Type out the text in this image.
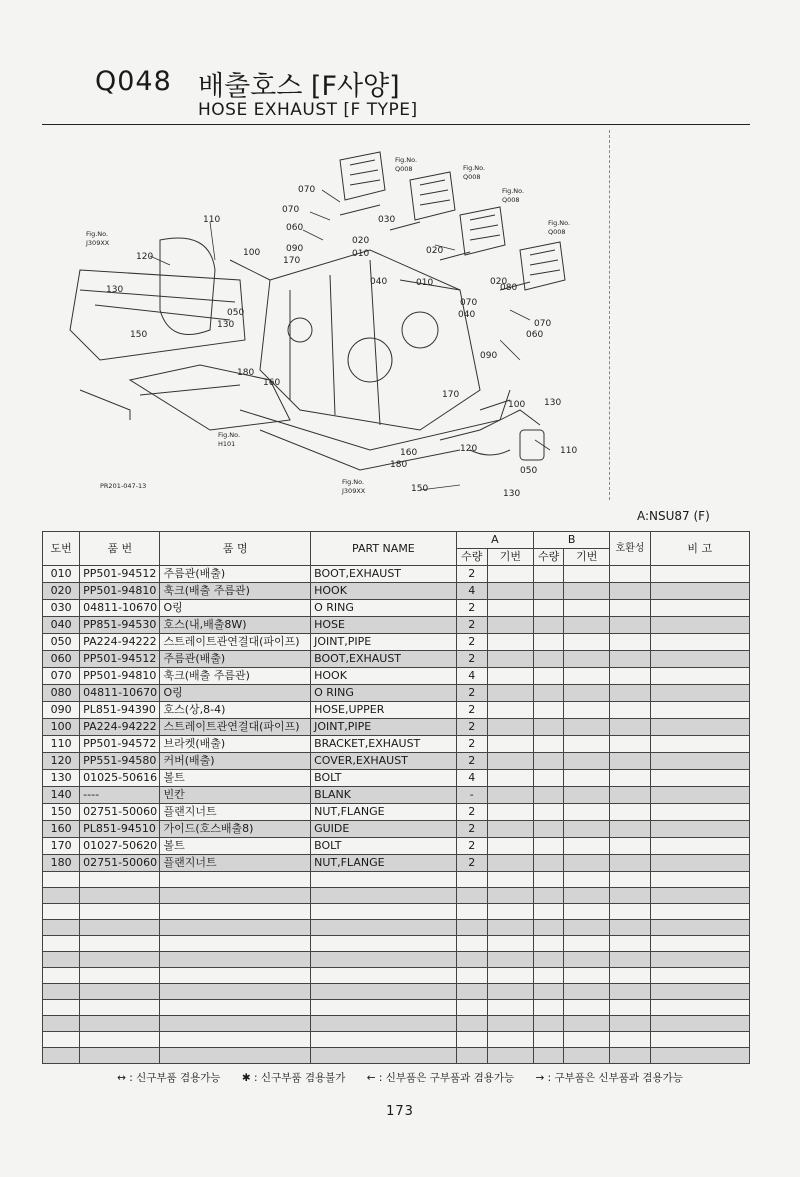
Q048 배출호스 [F사양]
HOSE EXHAUST [F TYPE]
070
070
060
090
170
030
020
010
040
020
010	020
080
070
040
070
060
090
110
100
120
130
050
130
150
180
160
170
100 130
110
120
050
160
180
150	130
Fig.No.
Q008	Fig.No.
Q008
Fig.No.
Q008
Fig.No.
Q008
Fig.No.
J309XX
Fig.No.
H101
Fig.No.
J309XX
PR201-047-13
A:NSU87 (F)
도번	품 번	품 명	PART NAME	A		B		호환성	비 고
				수량	기번	수량	기번		
010	PP501-94512	주름관(배출)	BOOT,EXHAUST	2					
020	PP501-94810	훅크(배출 주름관)	HOOK	4					
030	04811-10670	O링	O RING	2					
040	PP851-94530	호스(내,배출8W)	HOSE	2					
050	PA224-94222	스트레이트관연결대(파이프)	JOINT,PIPE	2					
060	PP501-94512	주름관(배출)	BOOT,EXHAUST	2					
070	PP501-94810	훅크(배출 주름관)	HOOK	4					
080	04811-10670	O링	O RING	2					
090	PL851-94390	호스(상,8-4)	HOSE,UPPER	2					
100	PA224-94222	스트레이트관연결대(파이프)	JOINT,PIPE	2					
110	PP501-94572	브라켓(배출)	BRACKET,EXHAUST	2					
120	PP551-94580	커버(배출)	COVER,EXHAUST	2					
130	01025-50616	볼트	BOLT	4					
140	----	빈칸	BLANK	-					
150	02751-50060	플랜지너트	NUT,FLANGE	2					
160	PL851-94510	가이드(호스배출8)	GUIDE	2					
170	01027-50620	볼트	BOLT	2					
180	02751-50060	플랜지너트	NUT,FLANGE	2					

↔ : 신구부품 겸용가능 ✱ : 신구부품 겸용불가 ← : 신부품은 구부품과 겸용가능 → : 구부품은 신부품과 겸용가능
173
